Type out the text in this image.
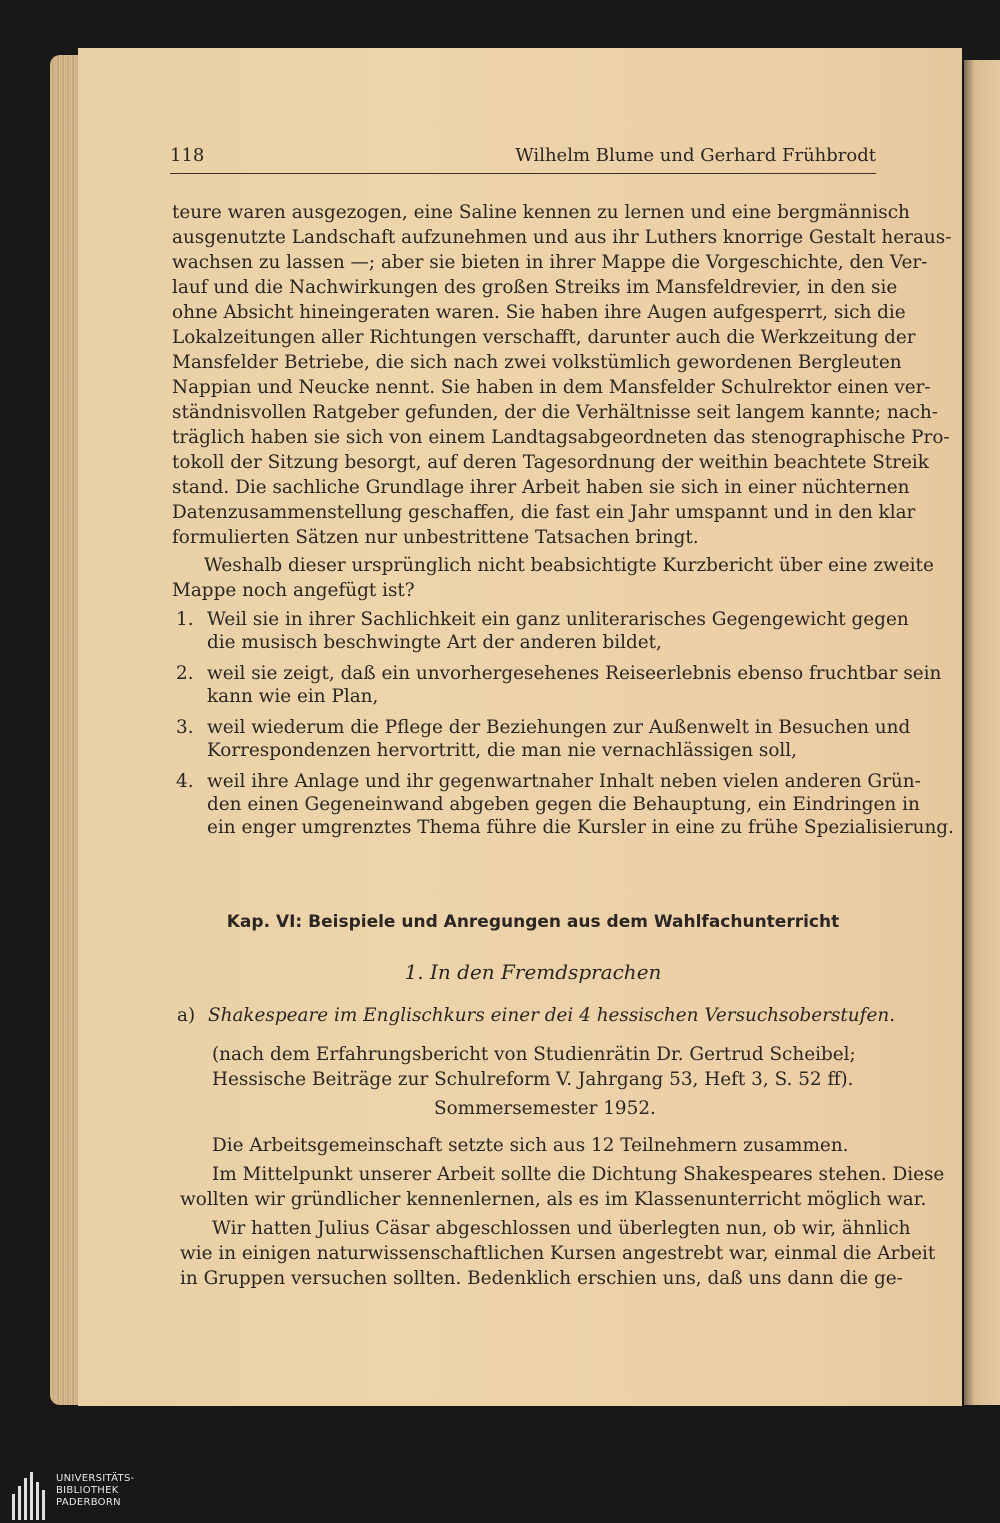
118	Wilhelm Blume und Gerhard Frühbrodt
teure waren ausgezogen, eine Saline kennen zu lernen und eine bergmännisch
ausgenutzte Landschaft aufzunehmen und aus ihr Luthers knorrige Gestalt heraus-
wachsen zu lassen —; aber sie bieten in ihrer Mappe die Vorgeschichte, den Ver-
lauf und die Nachwirkungen des großen Streiks im Mansfeldrevier, in den sie
ohne Absicht hineingeraten waren. Sie haben ihre Augen aufgesperrt, sich die
Lokalzeitungen aller Richtungen verschafft, darunter auch die Werkzeitung der
Mansfelder Betriebe, die sich nach zwei volkstümlich gewordenen Bergleuten
Nappian und Neucke nennt. Sie haben in dem Mansfelder Schulrektor einen ver-
ständnisvollen Ratgeber gefunden, der die Verhältnisse seit langem kannte; nach-
träglich haben sie sich von einem Landtagsabgeordneten das stenographische Pro-
tokoll der Sitzung besorgt, auf deren Tagesordnung der weithin beachtete Streik
stand. Die sachliche Grundlage ihrer Arbeit haben sie sich in einer nüchternen
Datenzusammenstellung geschaffen, die fast ein Jahr umspannt und in den klar
formulierten Sätzen nur unbestrittene Tatsachen bringt.
Weshalb dieser ursprünglich nicht beabsichtigte Kurzbericht über eine zweite
Mappe noch angefügt ist?
1. Weil sie in ihrer Sachlichkeit ein ganz unliterarisches Gegengewicht gegen
die musisch beschwingte Art der anderen bildet,
2. weil sie zeigt, daß ein unvorhergesehenes Reiseerlebnis ebenso fruchtbar sein
kann wie ein Plan,
3. weil wiederum die Pflege der Beziehungen zur Außenwelt in Besuchen und
Korrespondenzen hervortritt, die man nie vernachlässigen soll,
4. weil ihre Anlage und ihr gegenwartnaher Inhalt neben vielen anderen Grün-
den einen Gegeneinwand abgeben gegen die Behauptung, ein Eindringen in
ein enger umgrenztes Thema führe die Kursler in eine zu frühe Spezialisierung.
Kap. VI: Beispiele und Anregungen aus dem Wahlfachunterricht
1. In den Fremdsprachen
a) Shakespeare im Englischkurs einer dei 4 hessischen Versuchsoberstufen.
(nach dem Erfahrungsbericht von Studienrätin Dr. Gertrud Scheibel;
Hessische Beiträge zur Schulreform V. Jahrgang 53, Heft 3, S. 52 ff).
Sommersemester 1952.
Die Arbeitsgemeinschaft setzte sich aus 12 Teilnehmern zusammen.
Im Mittelpunkt unserer Arbeit sollte die Dichtung Shakespeares stehen. Diese
wollten wir gründlicher kennenlernen, als es im Klassenunterricht möglich war.
Wir hatten Julius Cäsar abgeschlossen und überlegten nun, ob wir, ähnlich
wie in einigen naturwissenschaftlichen Kursen angestrebt war, einmal die Arbeit
in Gruppen versuchen sollten. Bedenklich erschien uns, daß uns dann die ge-
UNIVERSITÄTS-
BIBLIOTHEK
PADERBORN
